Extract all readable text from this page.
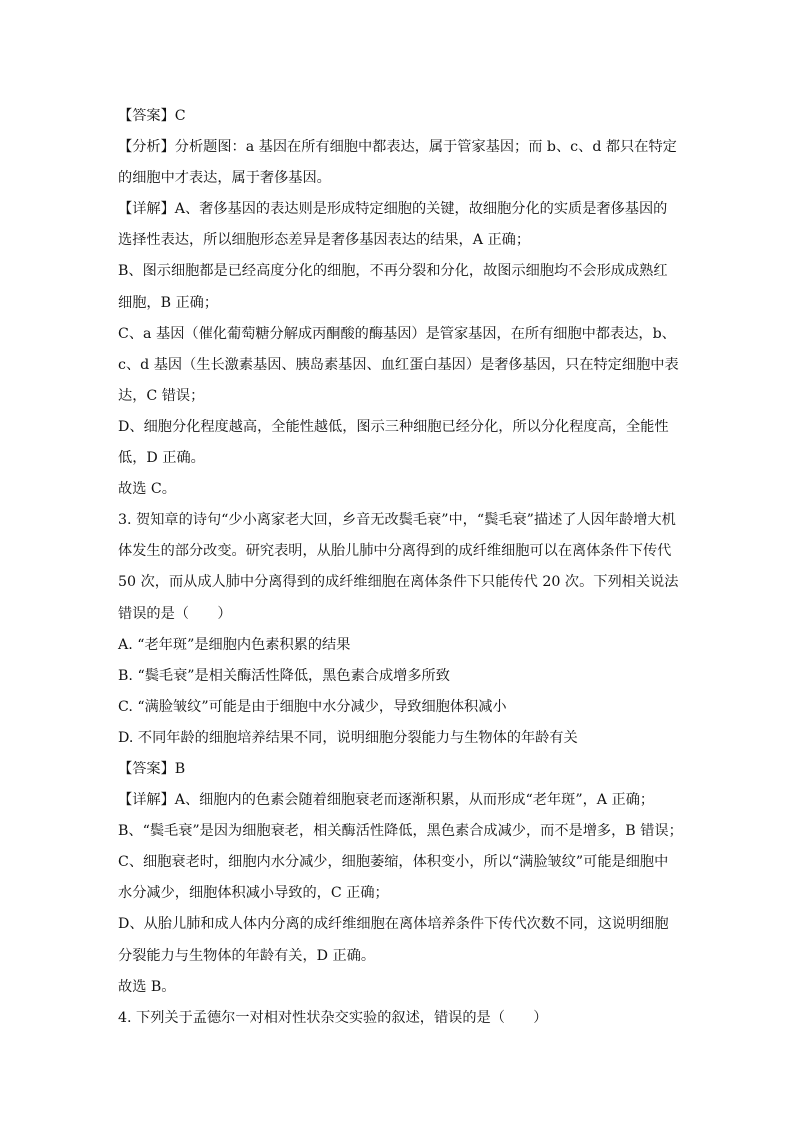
【答案】C
【分析】分析题图：a 基因在所有细胞中都表达，属于管家基因；而 b、c、d 都只在特定
的细胞中才表达，属于奢侈基因。
【详解】A、奢侈基因的表达则是形成特定细胞的关键，故细胞分化的实质是奢侈基因的
选择性表达，所以细胞形态差异是奢侈基因表达的结果，A 正确；
B、图示细胞都是已经高度分化的细胞，不再分裂和分化，故图示细胞均不会形成成熟红
细胞，B 正确；
C、a 基因（催化葡萄糖分解成丙酮酸的酶基因）是管家基因，在所有细胞中都表达，b、
c、d 基因（生长激素基因、胰岛素基因、血红蛋白基因）是奢侈基因，只在特定细胞中表
达，C 错误；
D、细胞分化程度越高，全能性越低，图示三种细胞已经分化，所以分化程度高，全能性
低，D 正确。
故选 C。
3. 贺知章的诗句“少小离家老大回，乡音无改鬓毛衰”中，“鬓毛衰”描述了人因年龄增大机
体发生的部分改变。研究表明，从胎儿肺中分离得到的成纤维细胞可以在离体条件下传代
50 次，而从成人肺中分离得到的成纤维细胞在离体条件下只能传代 20 次。下列相关说法
错误的是（　　）
A. “老年斑”是细胞内色素积累的结果
B. “鬓毛衰”是相关酶活性降低，黑色素合成增多所致
C. “满脸皱纹”可能是由于细胞中水分减少，导致细胞体积减小
D. 不同年龄的细胞培养结果不同，说明细胞分裂能力与生物体的年龄有关
【答案】B
【详解】A、细胞内的色素会随着细胞衰老而逐渐积累，从而形成“老年斑”，A 正确；
B、“鬓毛衰”是因为细胞衰老，相关酶活性降低，黑色素合成减少，而不是增多，B 错误；
C、细胞衰老时，细胞内水分减少，细胞萎缩，体积变小，所以“满脸皱纹”可能是细胞中
水分减少，细胞体积减小导致的，C 正确；
D、从胎儿肺和成人体内分离的成纤维细胞在离体培养条件下传代次数不同，这说明细胞
分裂能力与生物体的年龄有关，D 正确。
故选 B。
4. 下列关于孟德尔一对相对性状杂交实验的叙述，错误的是（　　）
